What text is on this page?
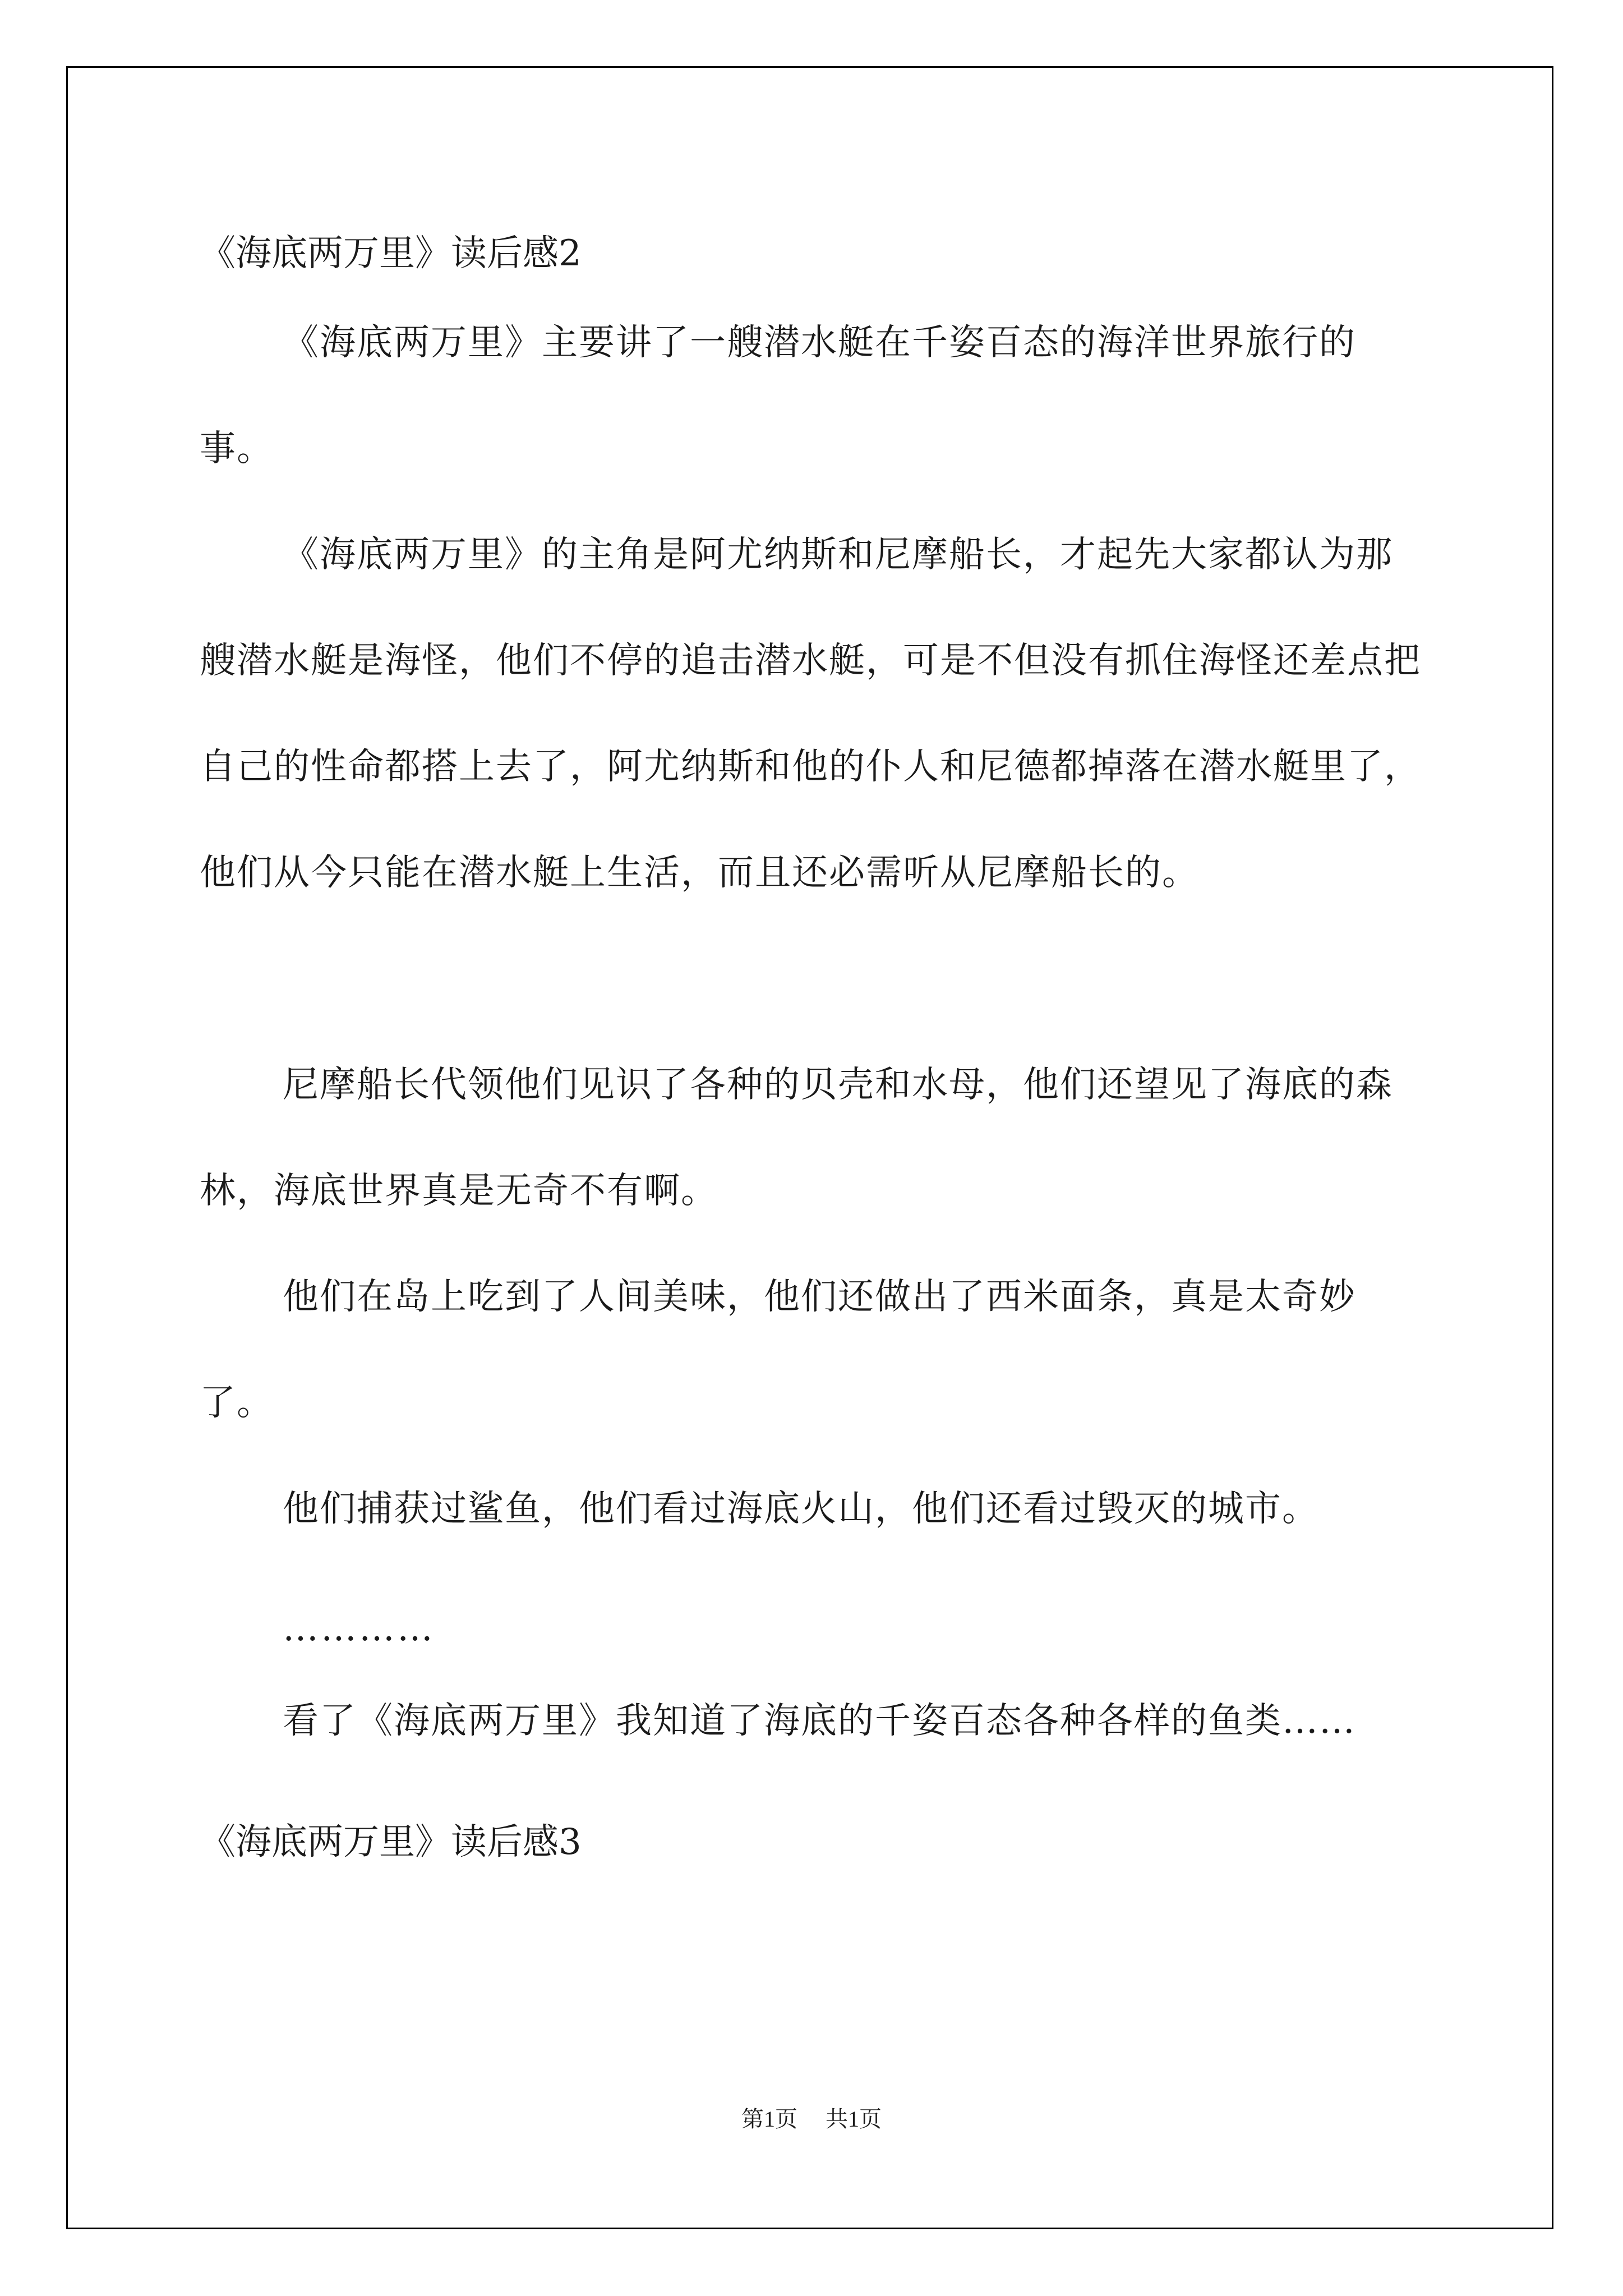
《海底两万里》读后感2
《海底两万里》主要讲了一艘潜水艇在千姿百态的海洋世界旅行的事。
《海底两万里》的主角是阿尤纳斯和尼摩船长，才起先大家都认为那艘潜水艇是海怪，他们不停的追击潜水艇，可是不但没有抓住海怪还差点把自己的性命都搭上去了，阿尤纳斯和他的仆人和尼德都掉落在潜水艇里了，他们从今只能在潜水艇上生活，而且还必需听从尼摩船长的。
尼摩船长代领他们见识了各种的贝壳和水母，他们还望见了海底的森林，海底世界真是无奇不有啊。
他们在岛上吃到了人间美味，他们还做出了西米面条，真是太奇妙了。
他们捕获过鲨鱼，他们看过海底火山，他们还看过毁灭的城市。
…………
看了《海底两万里》我知道了海底的千姿百态各种各样的鱼类……
《海底两万里》读后感3
第1页 共1页
